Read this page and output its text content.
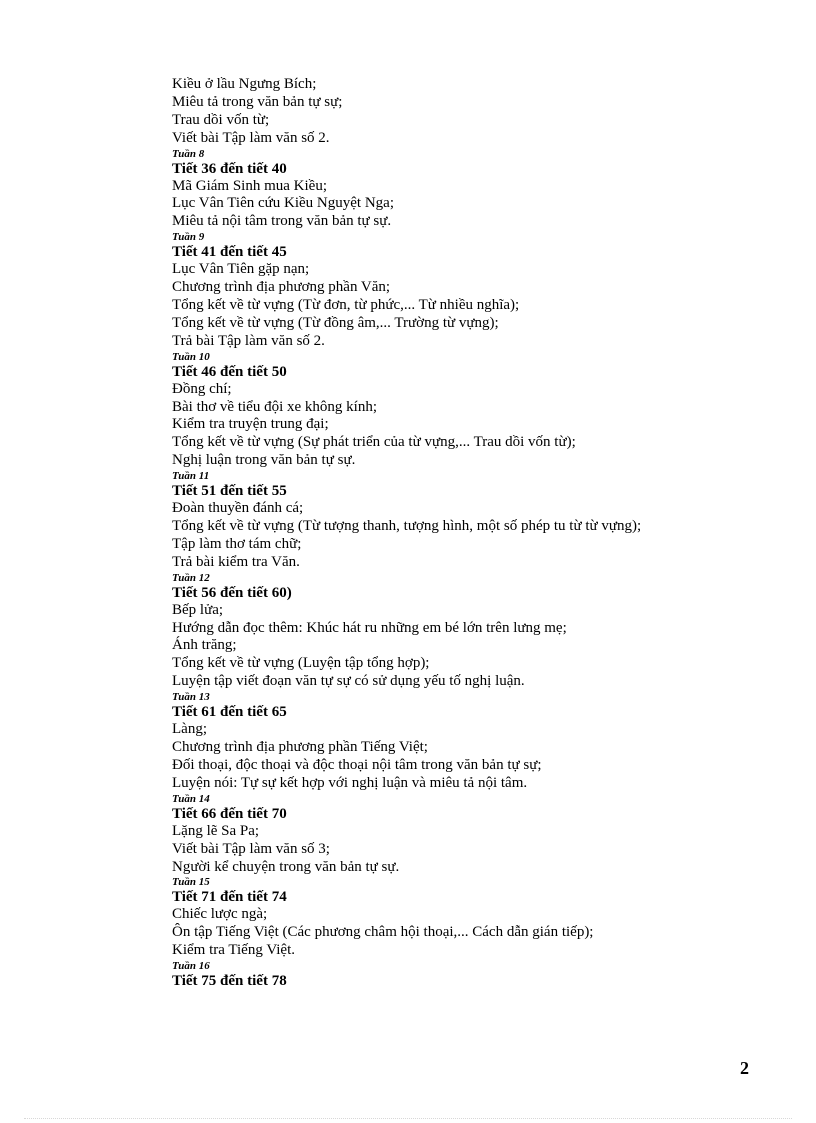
Kiều ở lầu Ngưng Bích;
Miêu tả trong văn bản tự sự;
Trau dồi vốn từ;
Viết bài Tập làm văn số 2.
Tuần 8
Tiết 36 đến tiết 40
Mã Giám Sinh mua Kiều;
Lục Vân Tiên cứu Kiều Nguyệt Nga;
Miêu tả nội tâm trong văn bản tự sự.
Tuần 9
Tiết 41 đến tiết 45
Lục Vân Tiên gặp nạn;
Chương trình địa phương phần Văn;
Tổng kết về từ vựng (Từ đơn, từ phức,... Từ nhiều nghĩa);
Tổng kết về từ vựng (Từ đồng âm,... Trường từ vựng);
Trả bài Tập làm văn số 2.
Tuần 10
Tiết 46 đến tiết 50
Đồng chí;
Bài thơ về tiểu đội xe không kính;
Kiểm tra truyện trung đại;
Tổng kết về từ vựng (Sự phát triển của từ vựng,... Trau dồi vốn từ);
Nghị luận trong văn bản tự sự.
Tuần 11
Tiết 51 đến tiết 55
Đoàn thuyền đánh cá;
Tổng kết về từ vựng (Từ tượng thanh, tượng hình, một số phép tu từ từ vựng);
Tập làm thơ tám chữ;
Trả bài kiểm tra Văn.
Tuần 12
Tiết 56 đến tiết 60)
Bếp lửa;
Hướng dẫn đọc thêm: Khúc hát ru những em bé lớn trên lưng mẹ;
Ánh trăng;
Tổng kết về từ vựng (Luyện tập tổng hợp);
Luyện tập viết đoạn văn tự sự có sử dụng yếu tố nghị luận.
Tuần 13
Tiết 61 đến tiết 65
Làng;
Chương trình địa phương phần Tiếng Việt;
Đối thoại, độc thoại và độc thoại nội tâm trong văn bản tự sự;
Luyện nói: Tự sự kết hợp với nghị luận và miêu tả nội tâm.
Tuần 14
Tiết 66 đến tiết 70
Lặng lẽ Sa Pa;
Viết bài Tập làm văn số 3;
Người kể chuyện trong văn bản tự sự.
Tuần 15
Tiết 71 đến tiết 74
Chiếc lược ngà;
Ôn tập Tiếng Việt (Các phương châm hội thoại,... Cách dẫn gián tiếp);
Kiểm tra Tiếng Việt.
Tuần 16
Tiết 75 đến tiết 78
2
